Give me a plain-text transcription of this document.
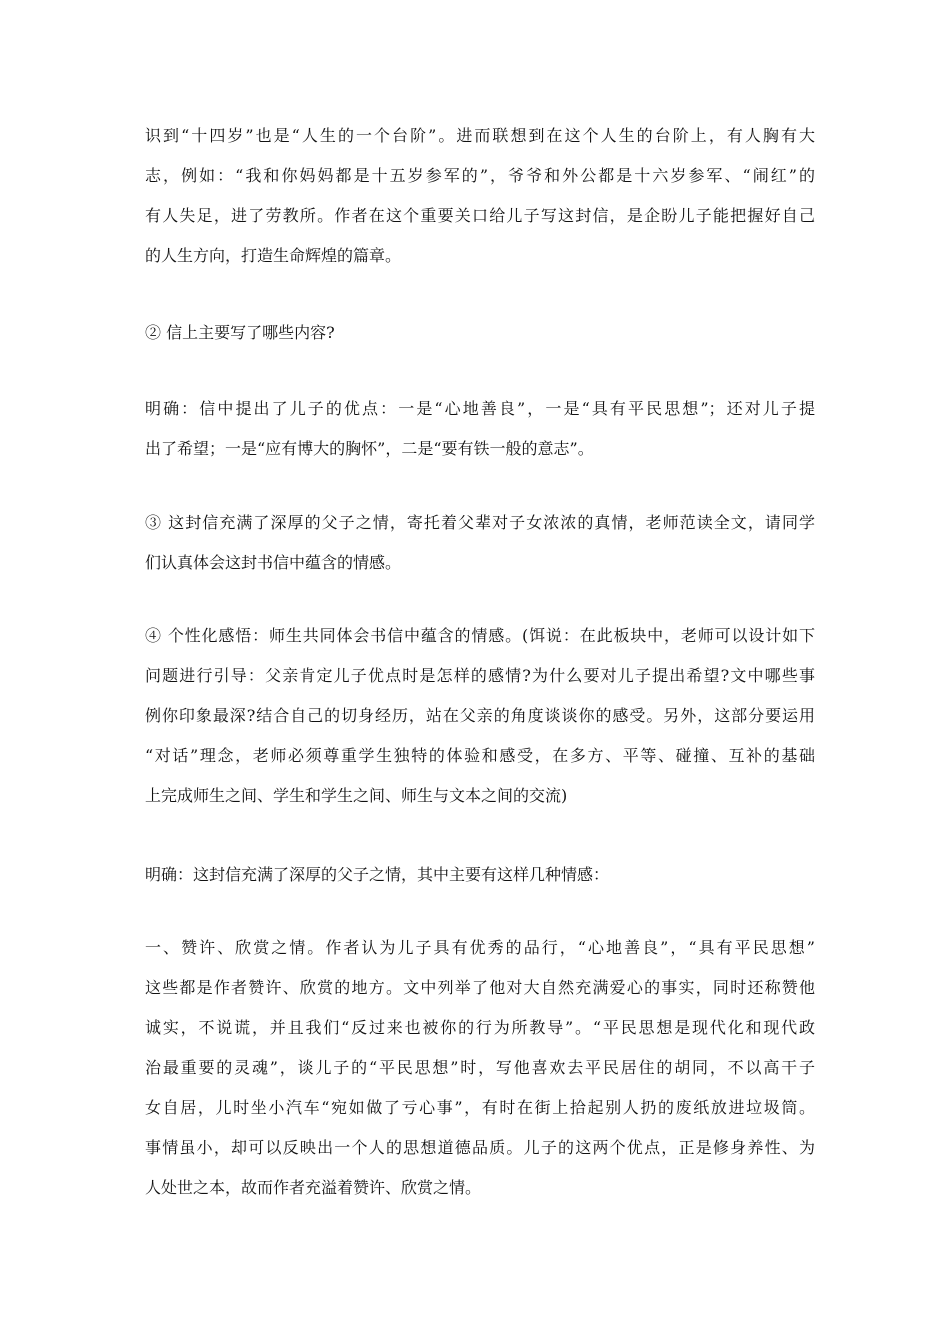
识到“十四岁”也是“人生的一个台阶”。进而联想到在这个人生的台阶上，有人胸有大
志，例如：“我和你妈妈都是十五岁参军的”，爷爷和外公都是十六岁参军、“闹红”的
有人失足，进了劳教所。作者在这个重要关口给儿子写这封信，是企盼儿子能把握好自己
的人生方向，打造生命辉煌的篇章。
② 信上主要写了哪些内容?
明确：信中提出了儿子的优点：一是“心地善良”，一是“具有平民思想”；还对儿子提
出了希望；一是“应有博大的胸怀”，二是“要有铁一般的意志”。
③ 这封信充满了深厚的父子之情，寄托着父辈对子女浓浓的真情，老师范读全文，请同学
们认真体会这封书信中蕴含的情感。
④ 个性化感悟：师生共同体会书信中蕴含的情感。(饵说：在此板块中，老师可以设计如下
问题进行引导：父亲肯定儿子优点时是怎样的感情?为什么要对儿子提出希望?文中哪些事
例你印象最深?结合自己的切身经历，站在父亲的角度谈谈你的感受。另外，这部分要运用
“对话”理念，老师必须尊重学生独特的体验和感受，在多方、平等、碰撞、互补的基础
上完成师生之间、学生和学生之间、师生与文本之间的交流)
明确：这封信充满了深厚的父子之情，其中主要有这样几种情感：
一、赞许、欣赏之情。作者认为儿子具有优秀的品行，“心地善良”，“具有平民思想”
这些都是作者赞许、欣赏的地方。文中列举了他对大自然充满爱心的事实，同时还称赞他
诚实，不说谎，并且我们“反过来也被你的行为所教导”。“平民思想是现代化和现代政
治最重要的灵魂”，谈儿子的“平民思想”时，写他喜欢去平民居住的胡同，不以高干子
女自居，儿时坐小汽车“宛如做了亏心事”，有时在街上拾起别人扔的废纸放进垃圾筒。
事情虽小，却可以反映出一个人的思想道德品质。儿子的这两个优点，正是修身养性、为
人处世之本，故而作者充溢着赞许、欣赏之情。
